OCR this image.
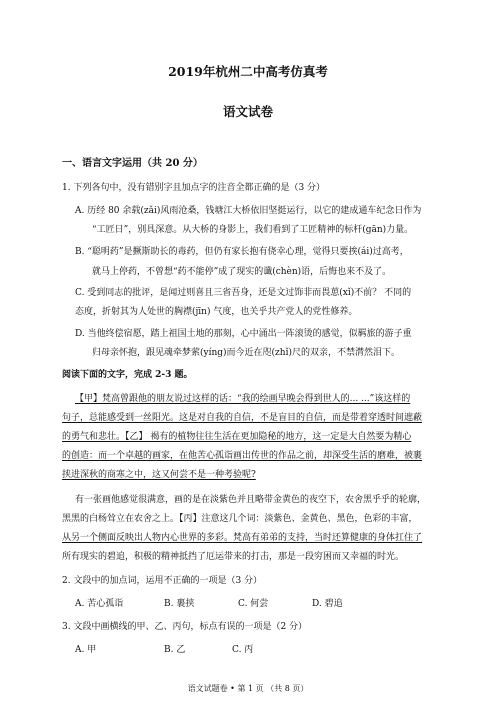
2019年杭州二中高考仿真考
语文试卷
一、语言文字运用（共 20 分）
1. 下列各句中，没有错别字且加点字的注音全都正确的是（3 分）
A. 历经 80 余载(zǎi)风雨沧桑，钱塘江大桥依旧坚挺运行，以它的建成通车纪念日作为
“工匠日”，别具深意。从大桥的身影上，我们看到了工匠精神的标杆(gān)力量。
B. “聪明药”是撅斯助长的毒药，但仍有家长抱有侥幸心理，觉得只要挨(ái)过高考，
就马上停药，不曾想“药不能停”成了现实的谶(chèn)语，后悔也来不及了。
C. 受到同志的批评，是闻过则喜且三省吾身，还是文过饰非而畏葸(xǐ)不前？ 不同的
态度，折射其为人处世的胸襟(jīn) 气度，也关乎共产党人的党性修养。
D. 当他终偿宿愿，踏上祖国土地的那刻，心中涌出一阵滚烫的感觉，似羁旅的游子重
归母亲怀抱，跟见魂牵梦萦(yíng)而今近在咫(zhǐ)尺的双亲，不禁潸然泪下。
阅读下面的文字，完成 2-3 题。
【甲】梵高曾跟他的朋友说过这样的话：“我的绘画早晚会得到世人的... ...”该这样的
句子，总能感受到一丝阳光。这是对自我的自信，不是盲目的自信，而是带着穿透时间遮蔽
的勇气和悲壮。【乙】 褐有的植物往往生活在更加隐秘的地方，这一定是大自然要为精心
的创造：而一个卓越的画家，在他苦心孤诣画出传世的作品之前，却深受生活的磨难，被裹
挟进深秋的商寒之中，这又何尝不是一种考验呢?
有一张画他感觉很满意，画的是在淡紫色并且略带金黄色的夜空下，农舍黑乎乎的轮廓，
黑黑的白杨耸立在农舍之上。【丙】注意这几个词：淡紫色、金黄色、黑色，色彩的丰富，
从另一个侧面反映出人物内心世界的多彩。梵高有弟弟的支持，当时还算健康的身体扛住了
所有现实的碧追，积极的精神抵挡了厄运带来的打击，那是一段穷困而又幸福的时光。
2. 文段中的加点词，运用不正确的一项是（3 分）
A. 苦心孤诣	B. 裹挟	C. 何尝	D. 碧追
3. 文段中画横线的甲、乙、丙句，标点有误的一项是（2 分）
A. 甲	B. 乙	C. 丙
语文试题卷 • 第 1 页 （共 8 页）
